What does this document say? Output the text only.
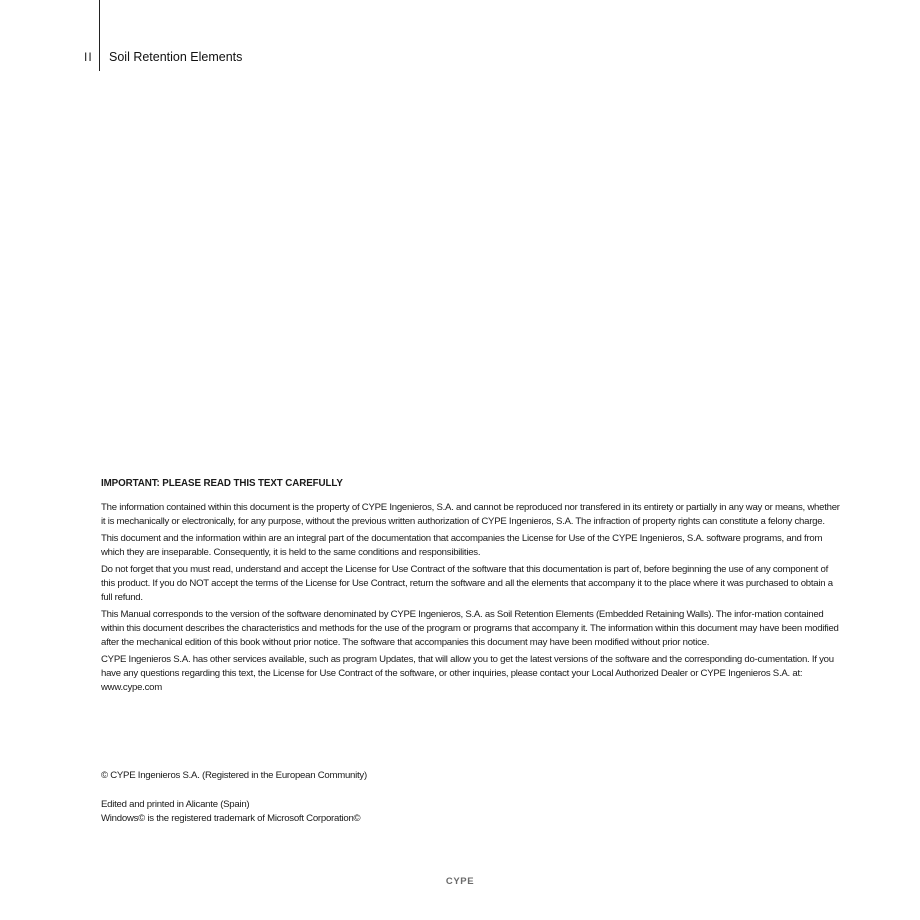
II Soil Retention Elements
IMPORTANT: PLEASE READ THIS TEXT CAREFULLY

The information contained within this document is the property of CYPE Ingenieros, S.A. and cannot be reproduced nor transfered in its entirety or partially in any way or means, whether it is mechanically or electronically, for any purpose, without the previous written authorization of CYPE Ingenieros, S.A. The infraction of property rights can constitute a felony charge.

This document and the information within are an integral part of the documentation that accompanies the License for Use of the CYPE Ingenieros, S.A. software programs, and from which they are inseparable. Consequently, it is held to the same conditions and responsibilities.

Do not forget that you must read, understand and accept the License for Use Contract of the software that this documentation is part of, before beginning the use of any component of this product. If you do NOT accept the terms of the License for Use Contract, return the software and all the elements that accompany it to the place where it was purchased to obtain a full refund.

This Manual corresponds to the version of the software denominated by CYPE Ingenieros, S.A. as Soil Retention Elements (Embedded Retaining Walls). The infor-mation contained within this document describes the characteristics and methods for the use of the program or programs that accompany it. The information within this document may have been modified after the mechanical edition of this book without prior notice. The software that accompanies this document may have been modified without prior notice.

CYPE Ingenieros S.A. has other services available, such as program Updates, that will allow you to get the latest versions of the software and the corresponding do-cumentation. If you have any questions regarding this text, the License for Use Contract of the software, or other inquiries, please contact your Local Authorized Dealer or CYPE Ingenieros S.A. at: www.cype.com

© CYPE Ingenieros S.A. (Registered in the European Community)

Edited and printed in Alicante (Spain)

Windows© is the registered trademark of Microsoft Corporation©

CYPE
